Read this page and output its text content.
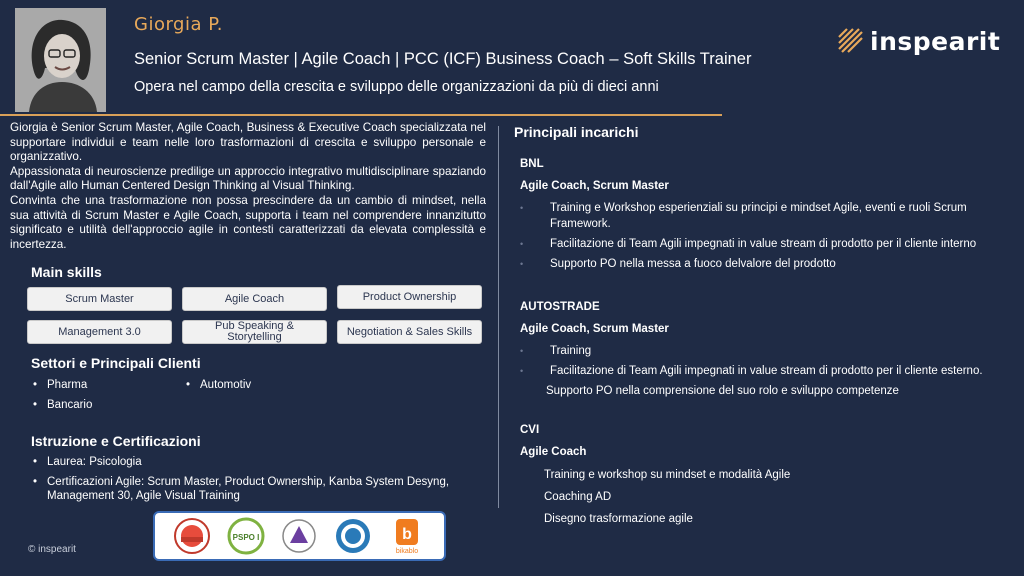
Giorgia P.
Senior Scrum Master | Agile Coach | PCC (ICF) Business Coach – Soft Skills Trainer
Opera nel campo della crescita e sviluppo delle organizzazioni da più di dieci anni
inspearit

Giorgia è Senior Scrum Master, Agile Coach, Business & Executive Coach specializzata nel supportare individui e team nelle loro trasformazioni di crescita e sviluppo personale e organizzativo.

Appassionata di neuroscienze predilige un approccio integrativo multidisciplinare spaziando dall'Agile allo Human Centered Design Thinking al Visual Thinking.

Convinta che una trasformazione non possa prescindere da un cambio di mindset, nella sua attività di Scrum Master e Agile Coach, supporta i team nel comprendere innanzitutto significato e utilità dell'approccio agile in contesti caratterizzati da elevata complessità e incertezza.

Main skills
Scrum Master	Agile Coach	Product Ownership
Management 3.0	Pub Speaking & Storytelling	Negotiation & Sales Skills
Settori e Principali Clienti
• Pharma
• Bancario
• Automotiv
Istruzione e Certificazioni
• Laurea: Psicologia
• Certificazioni Agile: Scrum Master, Product Ownership, Kanba System Desyng, Management 30, Agile Visual Training
PSPO I	b
bikablo
© inspearit
Principali incarichi
BNL
Agile Coach, Scrum Master
• Training e Workshop esperienziali su principi e mindset Agile, eventi e ruoli Scrum Framework.
• Facilitazione di Team Agili impegnati in value stream di prodotto per il cliente interno
• Supporto PO nella messa a fuoco delvalore del prodotto
AUTOSTRADE
Agile Coach, Scrum Master
• Training
• Facilitazione di Team Agili impegnati in value stream di prodotto per il cliente esterno.
Supporto PO nella comprensione del suo rolo e sviluppo competenze
CVI
Agile Coach
Training e workshop su mindset e modalità Agile
Coaching AD
Disegno trasformazione agile
